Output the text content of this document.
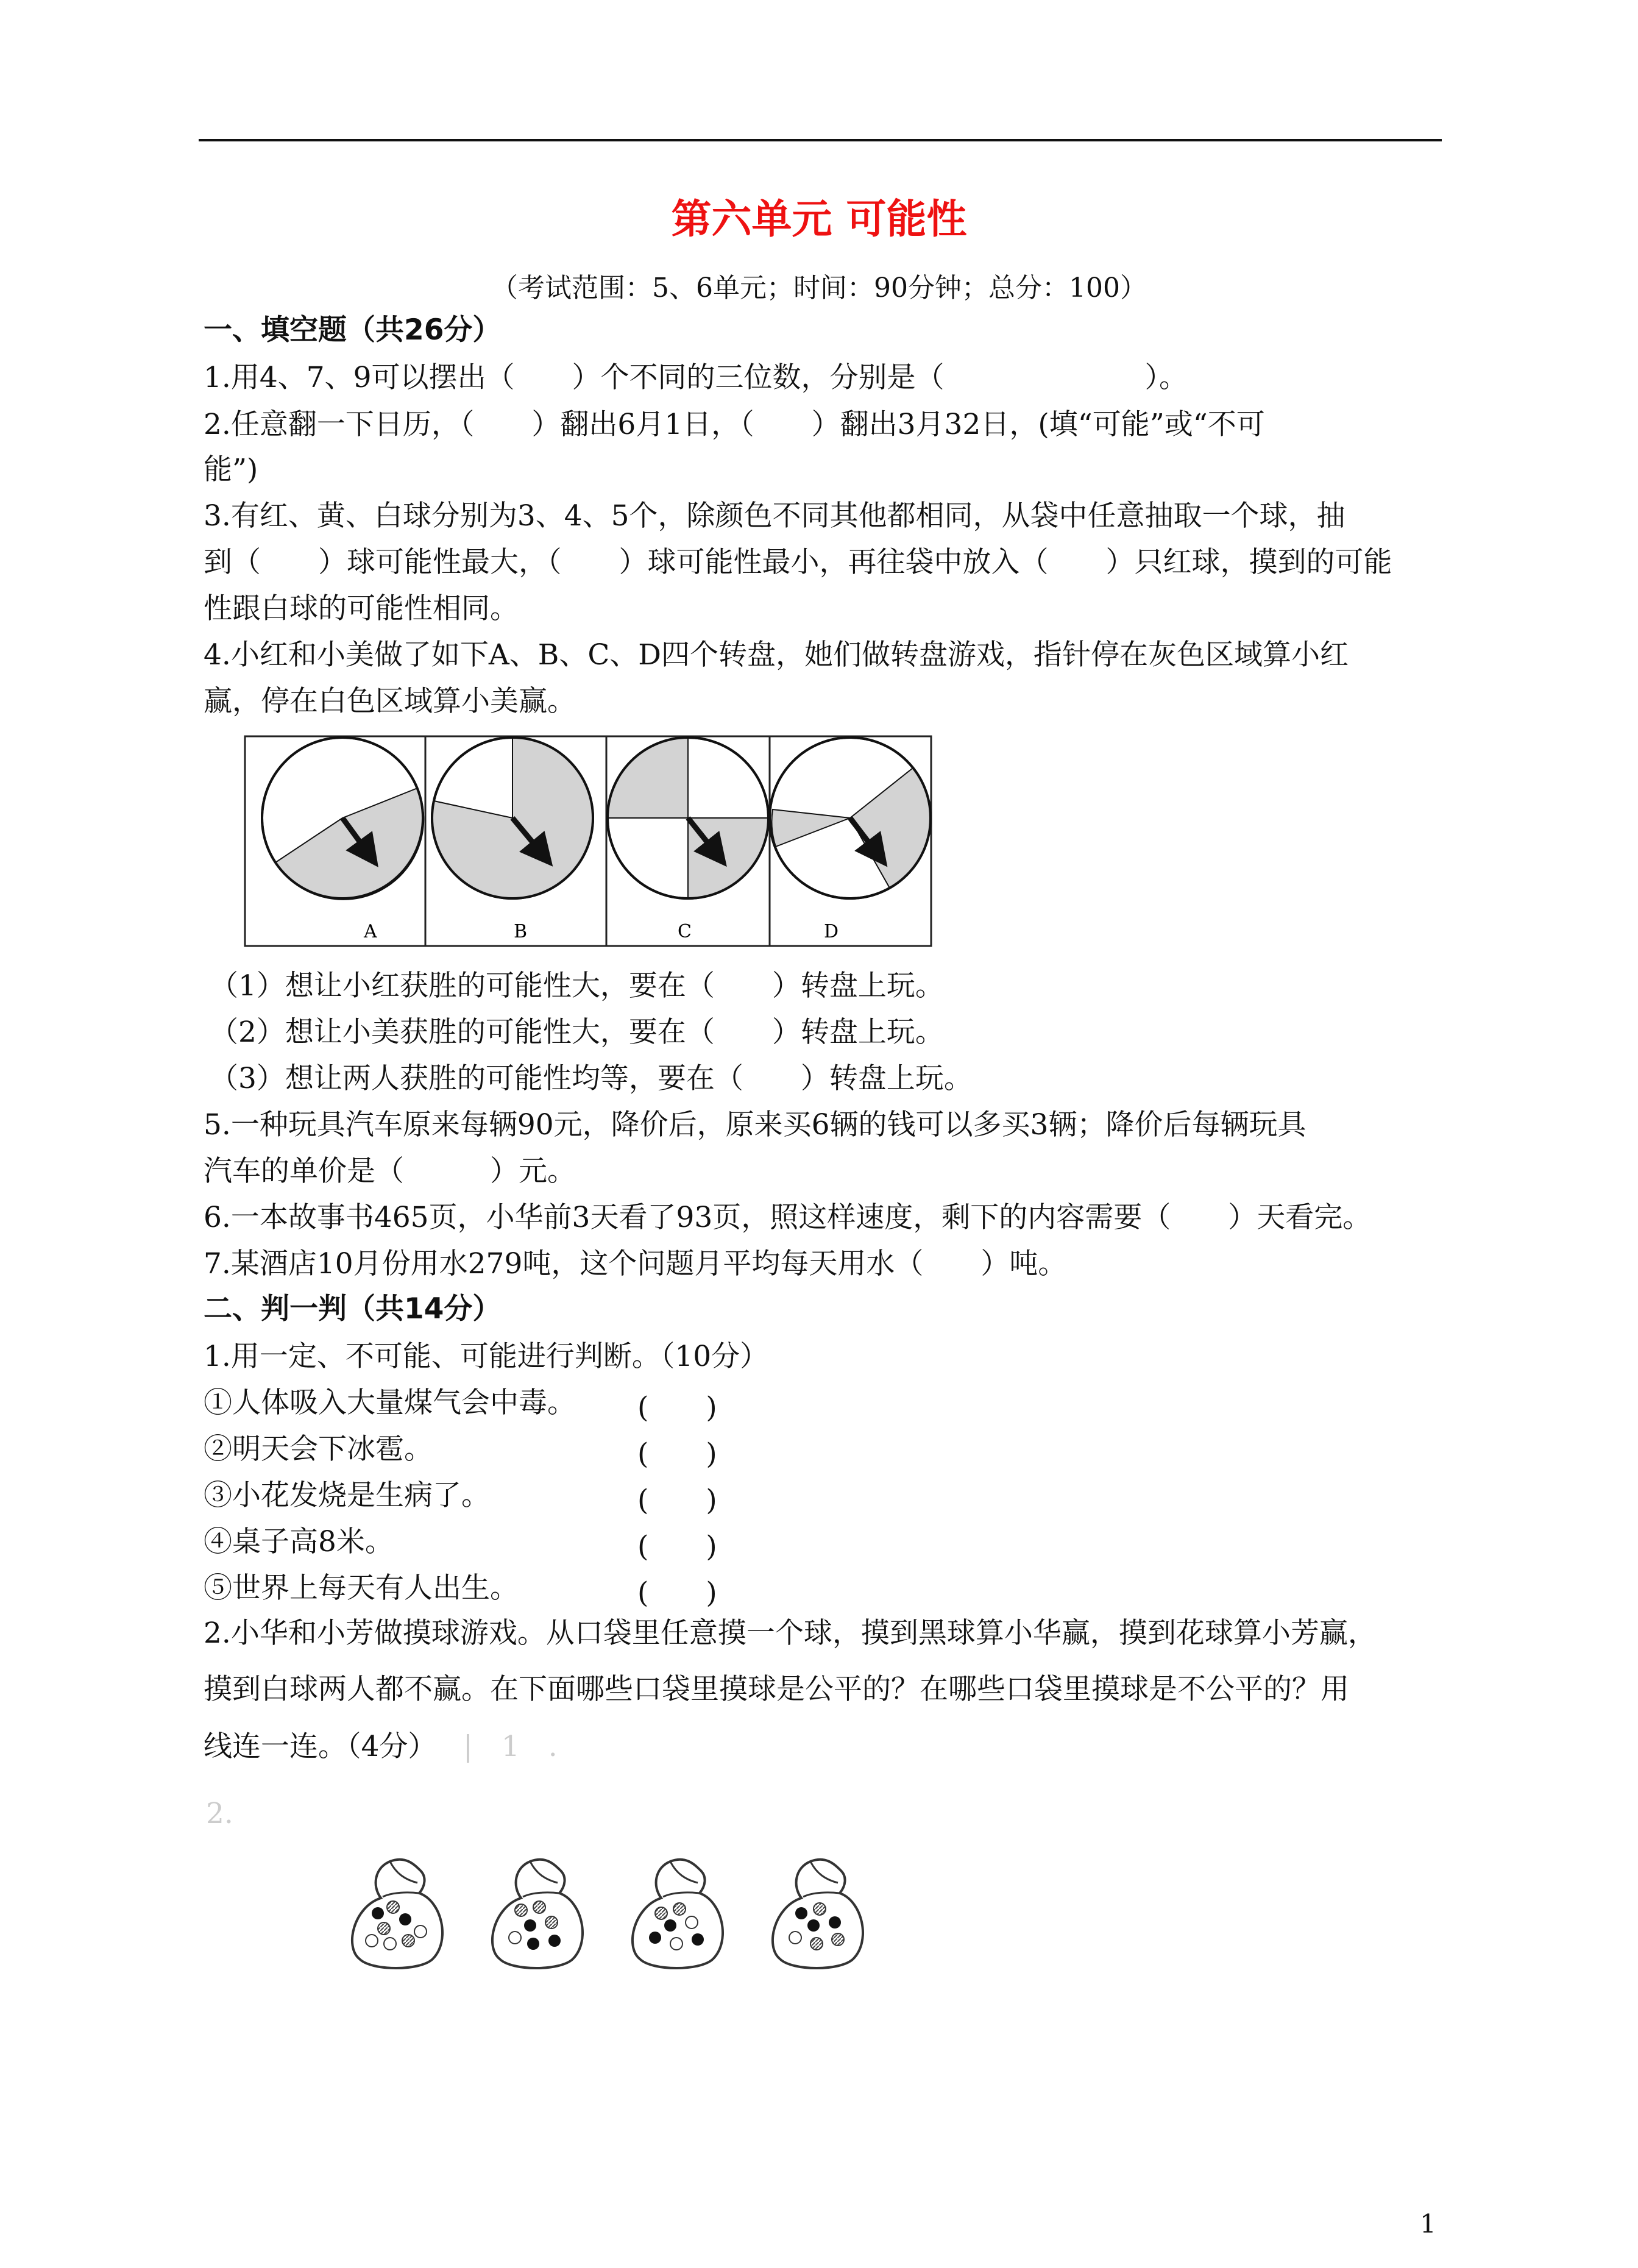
第六单元 可能性
（考试范围：5、6单元；时间：90分钟；总分：100）
一、填空题（共26分）
1.用4、7、9可以摆出（　　）个不同的三位数，分别是（　　　　　　　）。
2.任意翻一下日历，（　　）翻出6月1日，（　　）翻出3月32日，(填“可能”或“不可
能”)
3.有红、黄、白球分别为3、4、5个，除颜色不同其他都相同，从袋中任意抽取一个球，抽
到（　　）球可能性最大，（　　）球可能性最小，再往袋中放入（　　）只红球，摸到的可能
性跟白球的可能性相同。
4.小红和小美做了如下A、B、C、D四个转盘，她们做转盘游戏，指针停在灰色区域算小红
赢，停在白色区域算小美赢。
A	B	C	D
（1）想让小红获胜的可能性大，要在（　　）转盘上玩。
（2）想让小美获胜的可能性大，要在（　　）转盘上玩。
（3）想让两人获胜的可能性均等，要在（　　）转盘上玩。
5.一种玩具汽车原来每辆90元，降价后，原来买6辆的钱可以多买3辆；降价后每辆玩具
汽车的单价是（　　　）元。
6.一本故事书465页，小华前3天看了93页，照这样速度，剩下的内容需要（　　）天看完。
7.某酒店10月份用水279吨，这个问题月平均每天用水（　　）吨。
二、判一判（共14分）
1.用一定、不可能、可能进行判断。（10分）
①人体吸入大量煤气会中毒。 (　　)
②明天会下冰雹。	(　　)
③小花发烧是生病了。	(　　)
④桌子高8米。	(　　)
⑤世界上每天有人出生。	(　　)
2.小华和小芳做摸球游戏。从口袋里任意摸一个球，摸到黑球算小华赢，摸到花球算小芳赢，
摸到白球两人都不赢。在下面哪些口袋里摸球是公平的？在哪些口袋里摸球是不公平的？用
线连一连。（4分） |　1　.
2.
1
